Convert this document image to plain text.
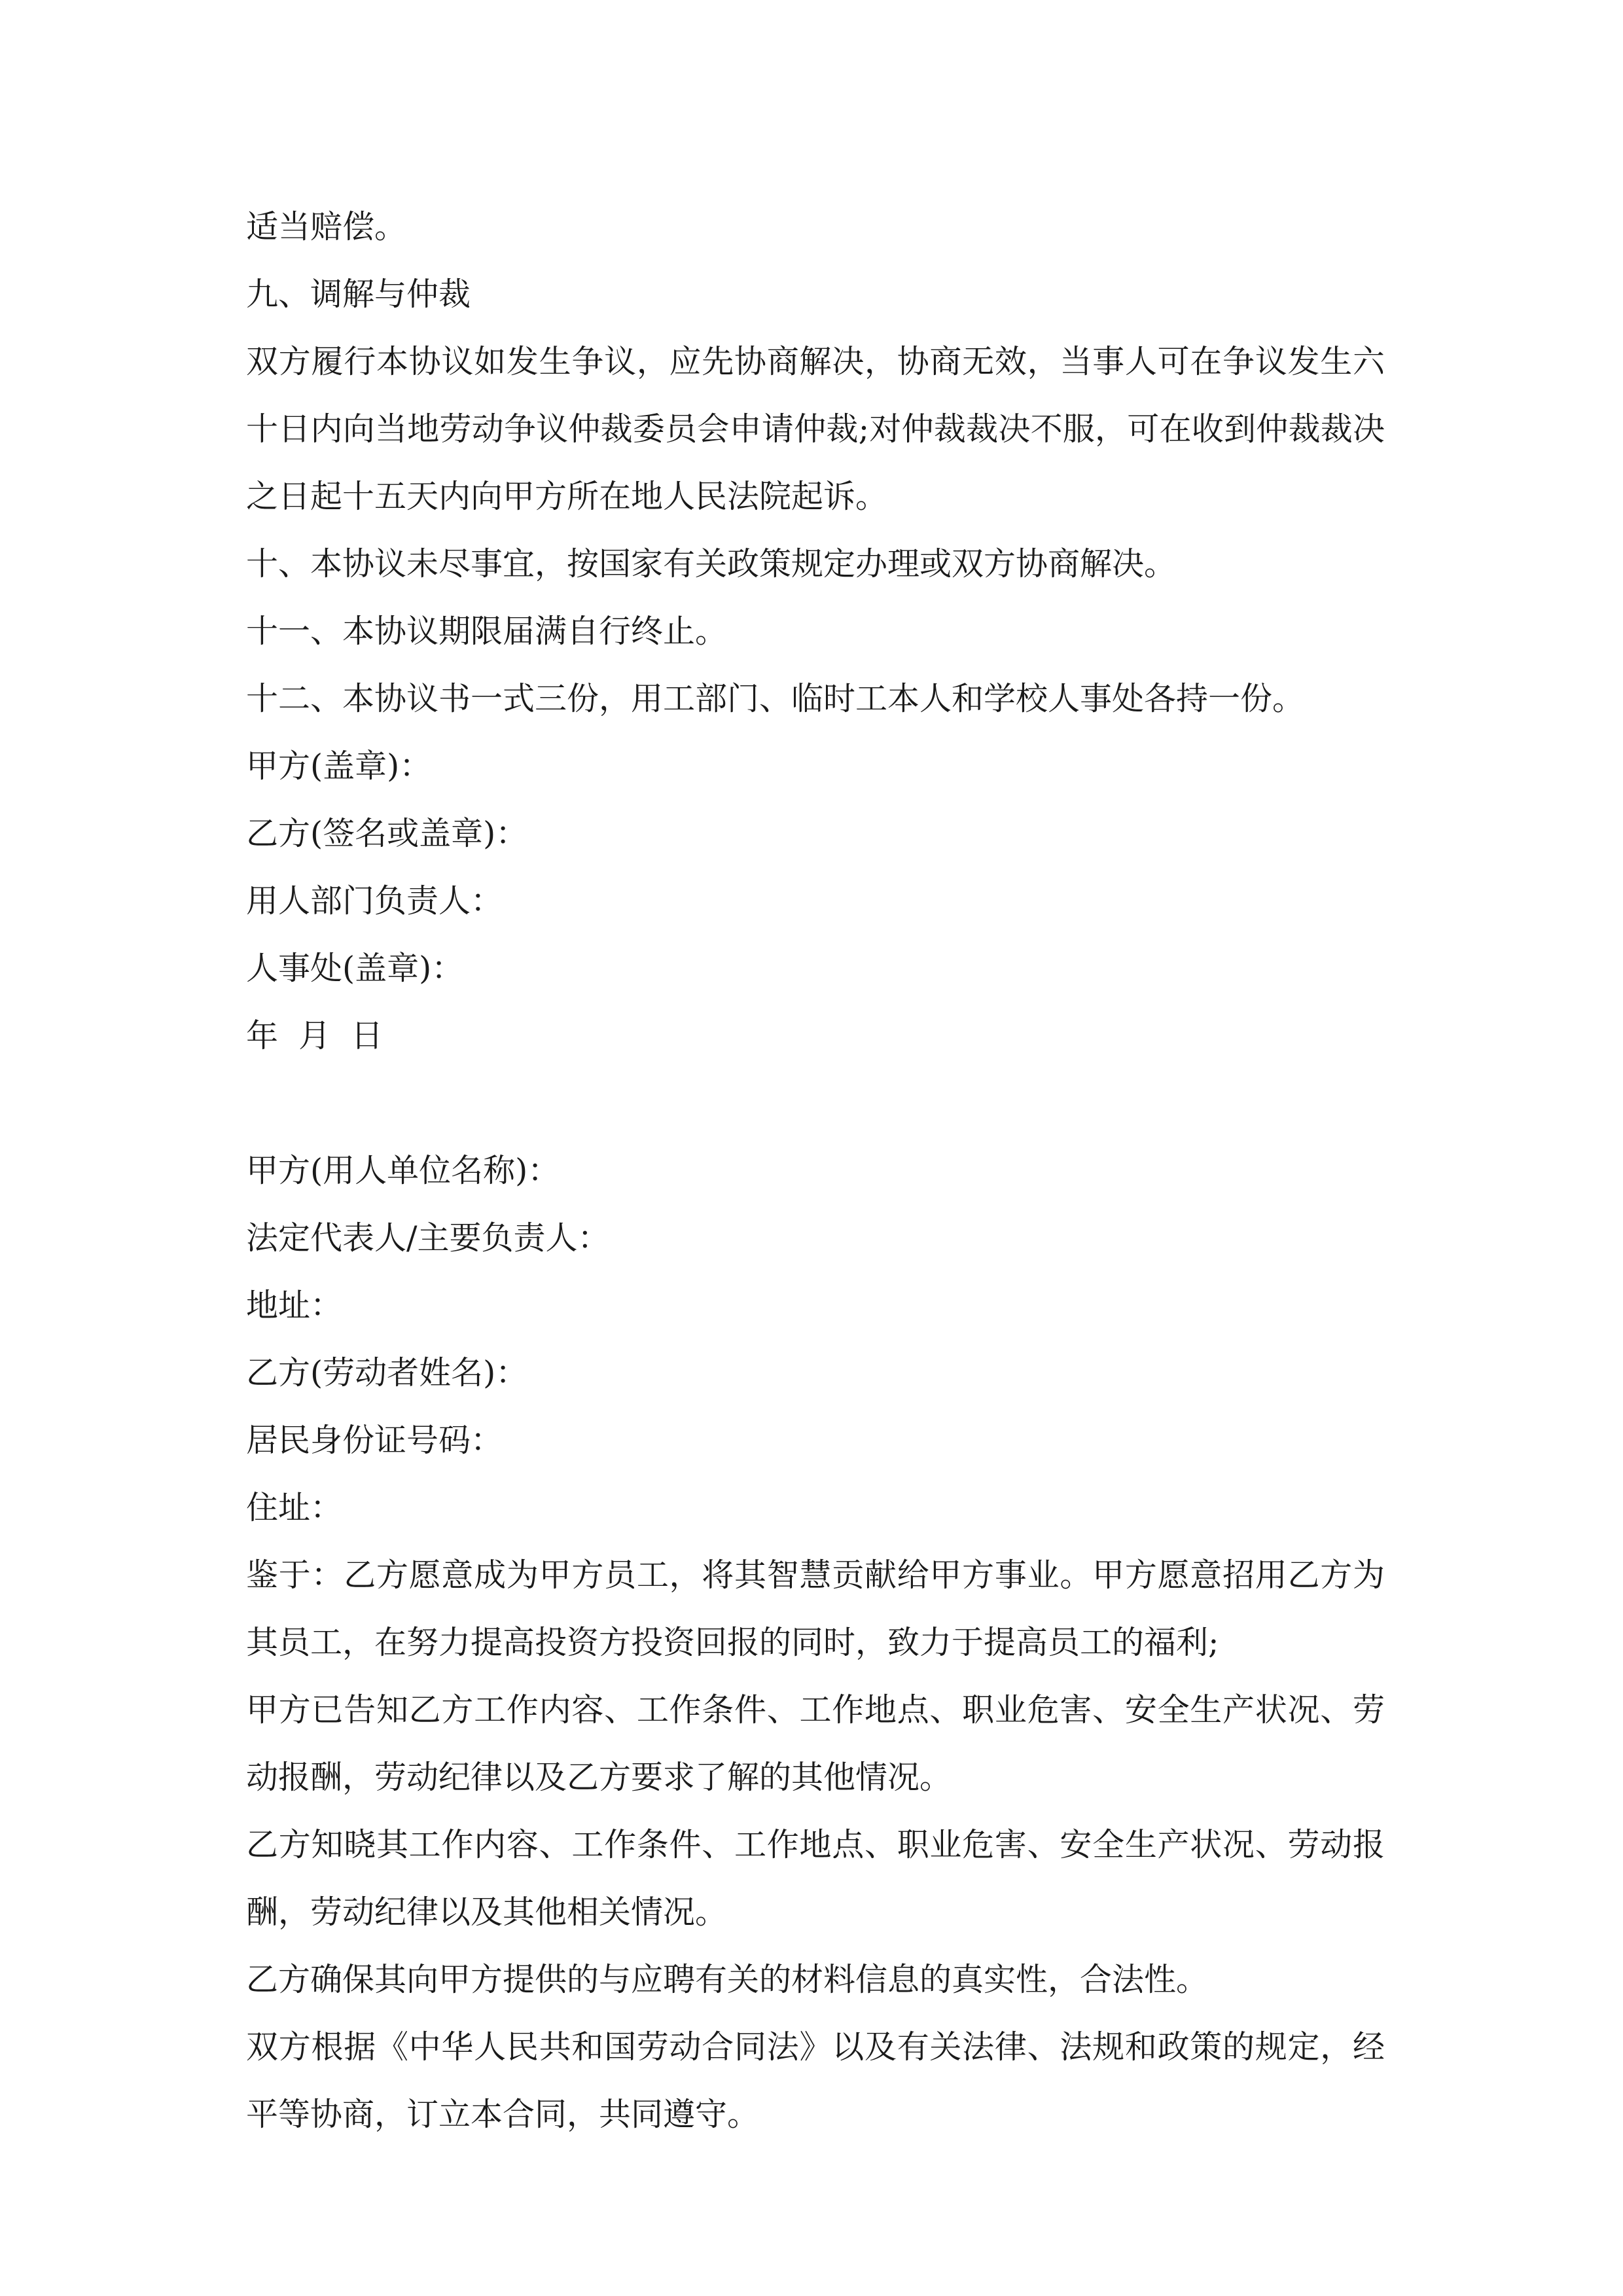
适当赔偿。
九、调解与仲裁
双方履行本协议如发生争议，应先协商解决，协商无效，当事人可在争议发生六十日内向当地劳动争议仲裁委员会申请仲裁;对仲裁裁决不服，可在收到仲裁裁决之日起十五天内向甲方所在地人民法院起诉。
十、本协议未尽事宜，按国家有关政策规定办理或双方协商解决。
十一、本协议期限届满自行终止。
十二、本协议书一式三份，用工部门、临时工本人和学校人事处各持一份。
甲方(盖章)：
乙方(签名或盖章)：
用人部门负责人：
人事处(盖章)：
年  月  日
甲方(用人单位名称)：
法定代表人/主要负责人：
地址：
乙方(劳动者姓名)：
居民身份证号码：
住址：
鉴于：乙方愿意成为甲方员工，将其智慧贡献给甲方事业。甲方愿意招用乙方为其员工，在努力提高投资方投资回报的同时，致力于提高员工的福利;
甲方已告知乙方工作内容、工作条件、工作地点、职业危害、安全生产状况、劳动报酬，劳动纪律以及乙方要求了解的其他情况。
乙方知晓其工作内容、工作条件、工作地点、职业危害、安全生产状况、劳动报酬，劳动纪律以及其他相关情况。
乙方确保其向甲方提供的与应聘有关的材料信息的真实性，合法性。
双方根据《中华人民共和国劳动合同法》以及有关法律、法规和政策的规定，经平等协商，订立本合同，共同遵守。
